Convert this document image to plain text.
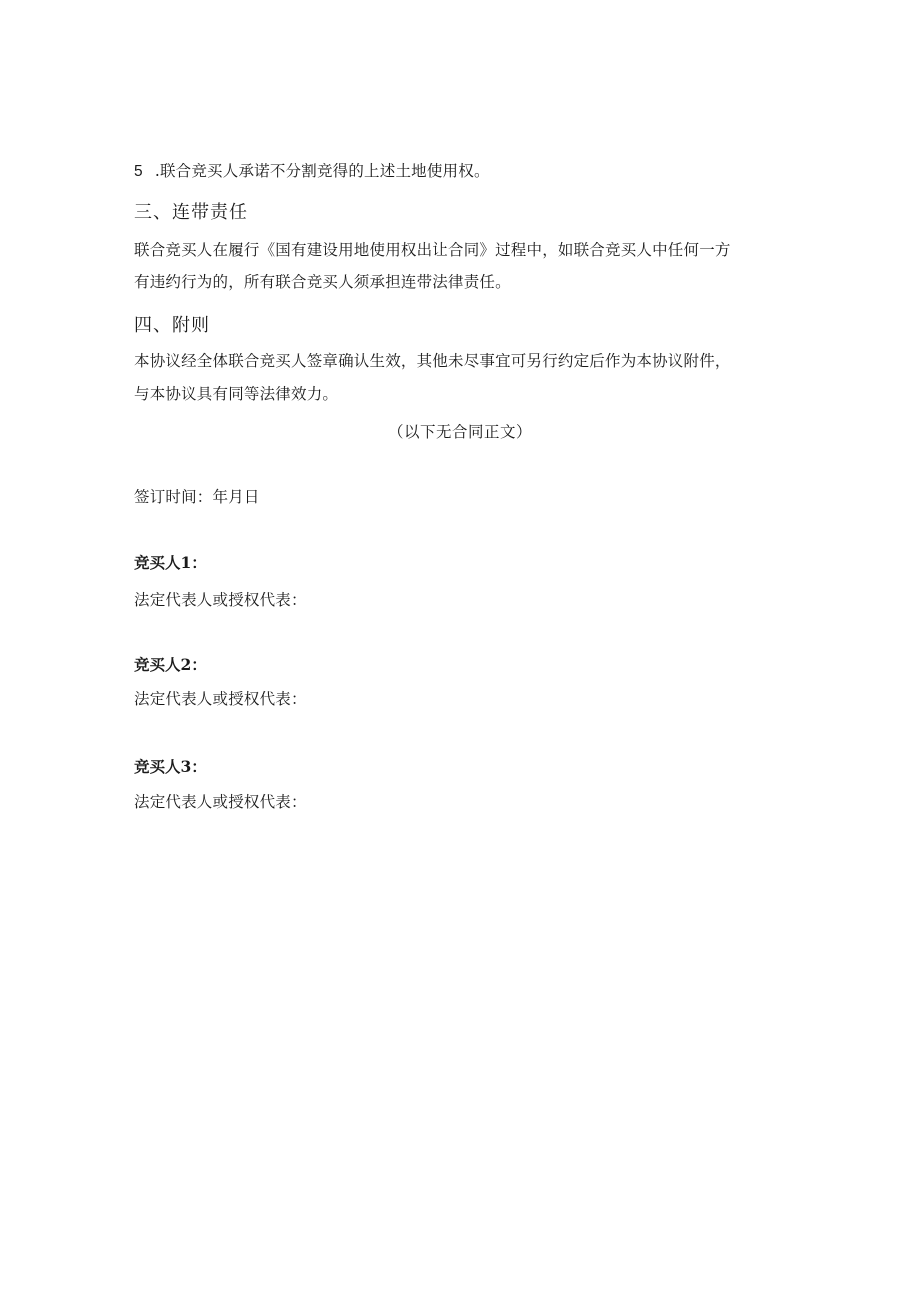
5 .联合竞买人承诺不分割竞得的上述土地使用权。
三、连带责任
联合竞买人在履行《国有建设用地使用权出让合同》过程中，如联合竞买人中任何一方
有违约行为的，所有联合竞买人须承担连带法律责任。
四、附则
本协议经全体联合竞买人签章确认生效，其他未尽事宜可另行约定后作为本协议附件，
与本协议具有同等法律效力。
（以下无合同正文）
签订时间：年月日
竞买人1：
法定代表人或授权代表：
竞买人2：
法定代表人或授权代表：
竞买人3：
法定代表人或授权代表：
